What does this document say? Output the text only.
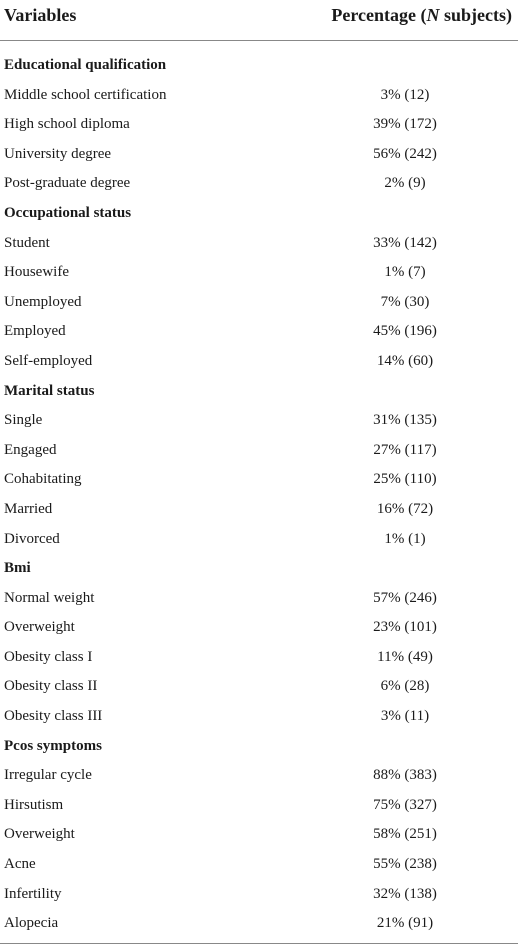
Variables	Percentage (N subjects)
Educational qualification
Middle school certification	3% (12)
High school diploma	39% (172)
University degree	56% (242)
Post-graduate degree	2% (9)
Occupational status
Student	33% (142)
Housewife	1% (7)
Unemployed	7% (30)
Employed	45% (196)
Self-employed	14% (60)
Marital status
Single	31% (135)
Engaged	27% (117)
Cohabitating	25% (110)
Married	16% (72)
Divorced	1% (1)
Bmi
Normal weight	57% (246)
Overweight	23% (101)
Obesity class I	11% (49)
Obesity class II	6% (28)
Obesity class III	3% (11)
Pcos symptoms
Irregular cycle	88% (383)
Hirsutism	75% (327)
Overweight	58% (251)
Acne	55% (238)
Infertility	32% (138)
Alopecia	21% (91)
